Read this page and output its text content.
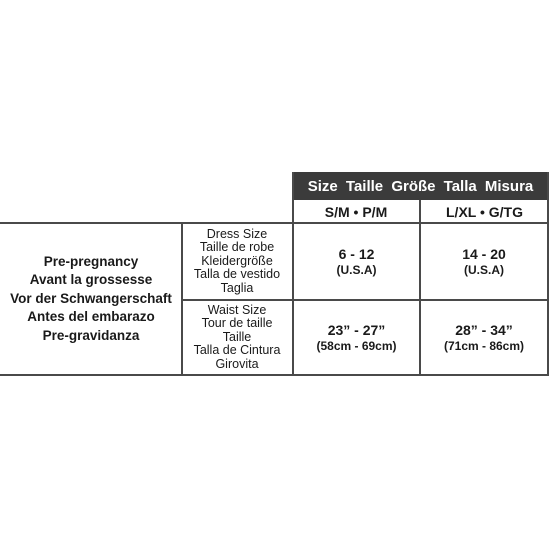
Size Taille Größe Talla Misura
S/M • P/M	L/XL • G/TG
Pre-pregnancy
Avant la grossesse
Vor der Schwangerschaft
Antes del embarazo
Pre-gravidanza
Dress Size
Taille de robe
Kleidergröße
Talla de vestido
Taglia
Waist Size
Tour de taille
Taille
Talla de Cintura
Girovita
6 - 12
(U.S.A)
14 - 20
(U.S.A)
23” - 27”
(58cm - 69cm)
28” - 34”
(71cm - 86cm)
